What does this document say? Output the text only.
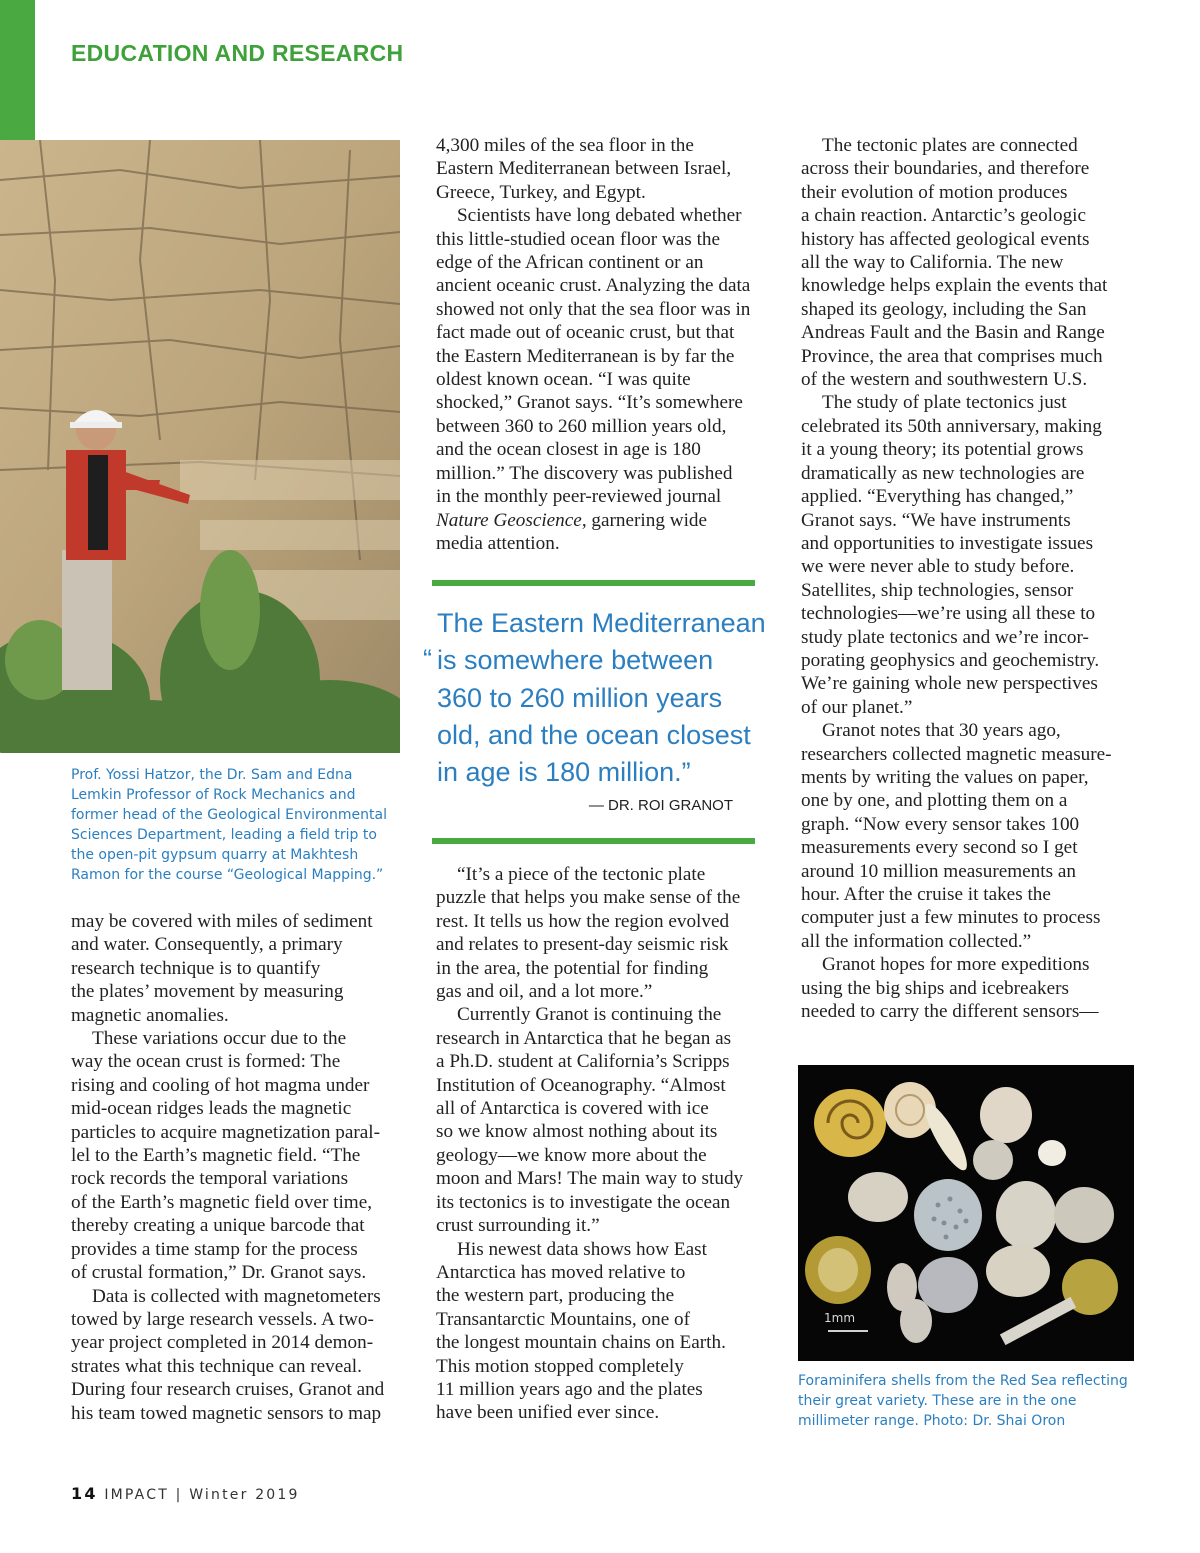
EDUCATION AND RESEARCH

Prof. Yossi Hatzor, the Dr. Sam and Edna Lemkin Professor of Rock Mechanics and former head of the Geological Environmental Sciences Department, leading a field trip to the open-pit gypsum quarry at Makhtesh Ramon for the course “Geological Mapping.”

may be covered with miles of sediment
and water. Consequently, a primary
research technique is to quantify
the plates’ movement by measuring
magnetic anomalies.

These variations occur due to the
way the ocean crust is formed: The
rising and cooling of hot magma under
mid-ocean ridges leads the magnetic
particles to acquire magnetization paral-
lel to the Earth’s magnetic field. “The
rock records the temporal variations
of the Earth’s magnetic field over time,
thereby creating a unique barcode that
provides a time stamp for the process
of crustal formation,” Dr. Granot says.

Data is collected with magnetometers
towed by large research vessels. A two-
year project completed in 2014 demon-
strates what this technique can reveal.
During four research cruises, Granot and
his team towed magnetic sensors to map

4,300 miles of the sea floor in the
Eastern Mediterranean between Israel,
Greece, Turkey, and Egypt.

Scientists have long debated whether
this little-studied ocean floor was the
edge of the African continent or an
ancient oceanic crust. Analyzing the data
showed not only that the sea floor was in
fact made out of oceanic crust, but that
the Eastern Mediterranean is by far the
oldest known ocean. “I was quite
shocked,” Granot says. “It’s somewhere
between 360 to 260 million years old,
and the ocean closest in age is 180
million.” The discovery was published
in the monthly peer-reviewed journal
Nature Geoscience, garnering wide
media attention.

“
The Eastern Mediterranean
is somewhere between
360 to 260 million years
old, and the ocean closest
in age is 180 million.”
— DR. ROI GRANOT

“It’s a piece of the tectonic plate
puzzle that helps you make sense of the
rest. It tells us how the region evolved
and relates to present-day seismic risk
in the area, the potential for finding
gas and oil, and a lot more.”

Currently Granot is continuing the
research in Antarctica that he began as
a Ph.D. student at California’s Scripps
Institution of Oceanography. “Almost
all of Antarctica is covered with ice
so we know almost nothing about its
geology—we know more about the
moon and Mars! The main way to study
its tectonics is to investigate the ocean
crust surrounding it.”

His newest data shows how East
Antarctica has moved relative to
the western part, producing the
Transantarctic Mountains, one of
the longest mountain chains on Earth.
This motion stopped completely
11 million years ago and the plates
have been unified ever since.

The tectonic plates are connected
across their boundaries, and therefore
their evolution of motion produces
a chain reaction. Antarctic’s geologic
history has affected geological events
all the way to California. The new
knowledge helps explain the events that
shaped its geology, including the San
Andreas Fault and the Basin and Range
Province, the area that comprises much
of the western and southwestern U.S.

The study of plate tectonics just
celebrated its 50th anniversary, making
it a young theory; its potential grows
dramatically as new technologies are
applied. “Everything has changed,”
Granot says. “We have instruments
and opportunities to investigate issues
we were never able to study before.
Satellites, ship technologies, sensor
technologies—we’re using all these to
study plate tectonics and we’re incor-
porating geophysics and geochemistry.
We’re gaining whole new perspectives
of our planet.”

Granot notes that 30 years ago,
researchers collected magnetic measure-
ments by writing the values on paper,
one by one, and plotting them on a
graph. “Now every sensor takes 100
measurements every second so I get
around 10 million measurements an
hour. After the cruise it takes the
computer just a few minutes to process
all the information collected.”

Granot hopes for more expeditions
using the big ships and icebreakers
needed to carry the different sensors—

1mm

Foraminifera shells from the Red Sea reflecting their great variety. These are in the one millimeter range. Photo: Dr. Shai Oron

14 IMPACT | Winter 2019
